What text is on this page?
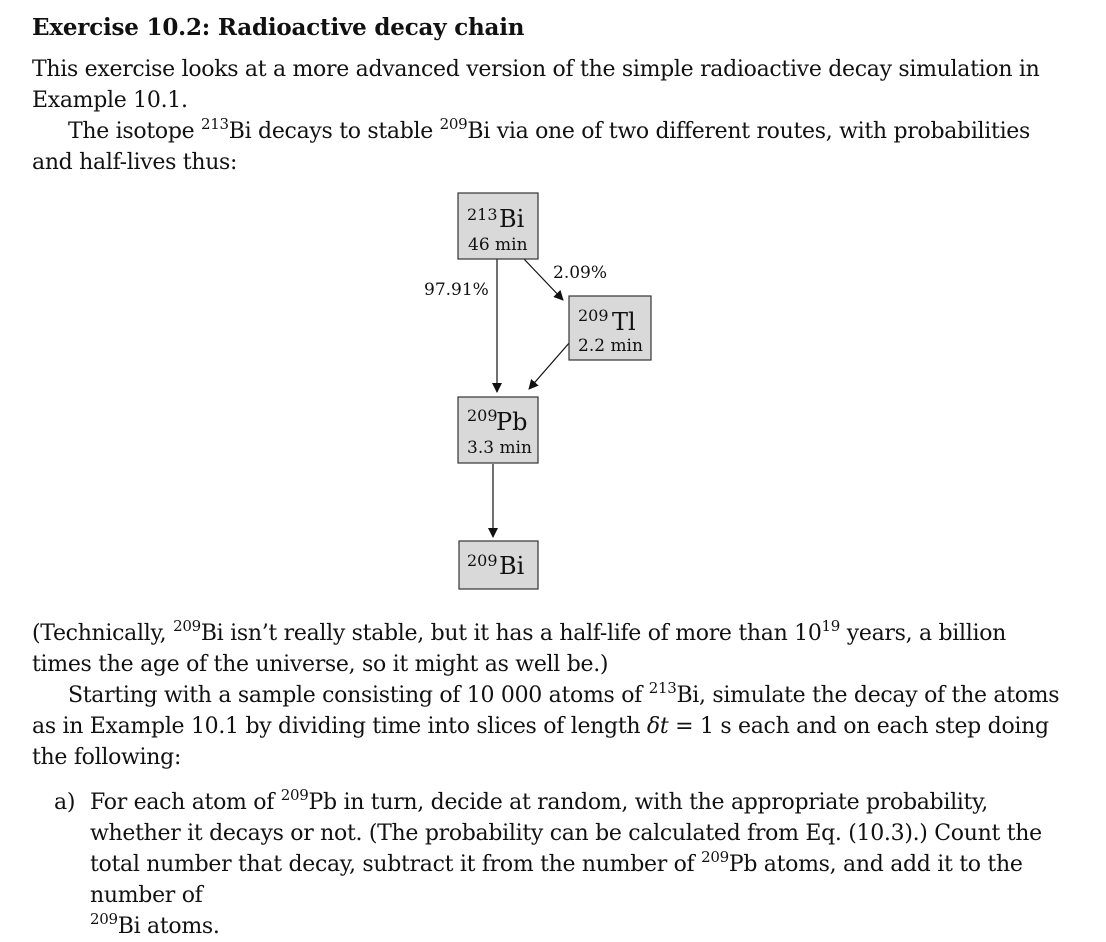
Exercise 10.2: Radioactive decay chain

This exercise looks at a more advanced version of the simple radioactive decay simulation in Example 10.1.

The isotope $^{213}$Bi decays to stable $^{209}$Bi via one of two different routes, with probabilities and half-lives thus:

(Technically, $^{209}$Bi isn’t really stable, but it has a half-life of more than $10^{19}$ years, a billion times the age of the universe, so it might as well be.)

Starting with a sample consisting of 10 000 atoms of $^{213}$Bi, simulate the decay of the atoms as in Example 10.1 by dividing time into slices of length δt = 1 s each and on each step doing the following:

a) For each atom of $^{209}$Pb in turn, decide at random, with the appropriate probability, whether it decays or not. (The probability can be calculated from Eq. (10.3).) Count the total number that decay, subtract it from the number of $^{209}$Pb atoms, and add it to the number of
$^{209}$Bi atoms.
97.91%
2.09%
213 Bi
46 min
209 Tl
2.2 min
209
Pb
3.3 min
209 Bi
